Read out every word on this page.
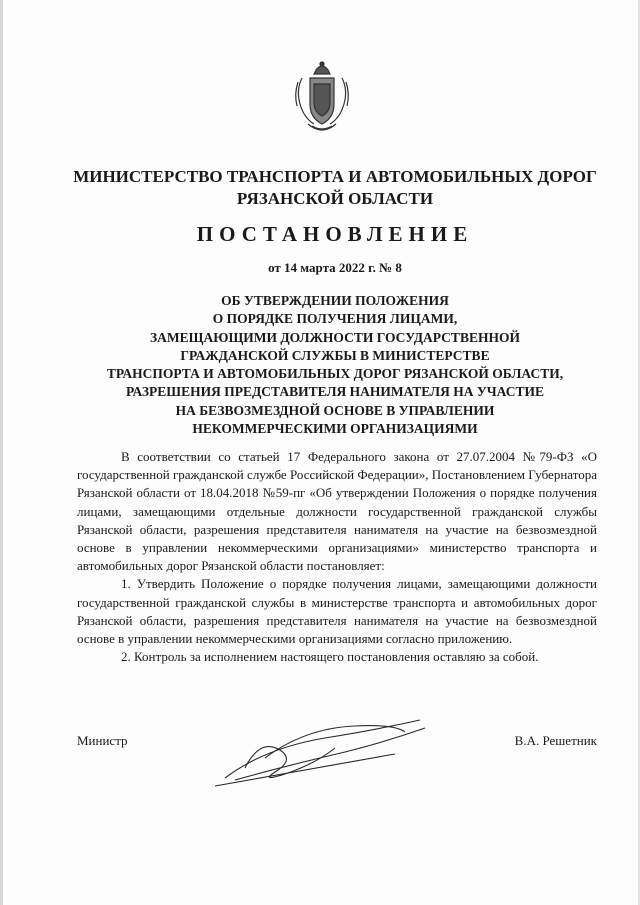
МИНИСТЕРСТВО ТРАНСПОРТА И АВТОМОБИЛЬНЫХ ДОРОГ
РЯЗАНСКОЙ ОБЛАСТИ
ПОСТАНОВЛЕНИЕ
от 14 марта 2022 г. № 8
ОБ УТВЕРЖДЕНИИ ПОЛОЖЕНИЯ
О ПОРЯДКЕ ПОЛУЧЕНИЯ ЛИЦАМИ,
ЗАМЕЩАЮЩИМИ ДОЛЖНОСТИ ГОСУДАРСТВЕННОЙ
ГРАЖДАНСКОЙ СЛУЖБЫ В МИНИСТЕРСТВЕ
ТРАНСПОРТА И АВТОМОБИЛЬНЫХ ДОРОГ РЯЗАНСКОЙ ОБЛАСТИ,
РАЗРЕШЕНИЯ ПРЕДСТАВИТЕЛЯ НАНИМАТЕЛЯ НА УЧАСТИЕ
НА БЕЗВОЗМЕЗДНОЙ ОСНОВЕ В УПРАВЛЕНИИ
НЕКОММЕРЧЕСКИМИ ОРГАНИЗАЦИЯМИ

В соответствии со статьей 17 Федерального закона от 27.07.2004 №79-ФЗ «О государственной гражданской службе Российской Федерации», Постановлением Губернатора Рязанской области от 18.04.2018 №59-пг «Об утверждении Положения о порядке получения лицами, замещающими отдельные должности государственной гражданской службы Рязанской области, разрешения представителя нанимателя на участие на безвозмездной основе в управлении некоммерческими организациями» министерство транспорта и автомобильных дорог Рязанской области постановляет:

1. Утвердить Положение о порядке получения лицами, замещающими должности государственной гражданской службы в министерстве транспорта и автомобильных дорог Рязанской области, разрешения представителя нанимателя на участие на безвозмездной основе в управлении некоммерческими организациями согласно приложению.

2. Контроль за исполнением настоящего постановления оставляю за собой.

Министр	В.А. Решетник
